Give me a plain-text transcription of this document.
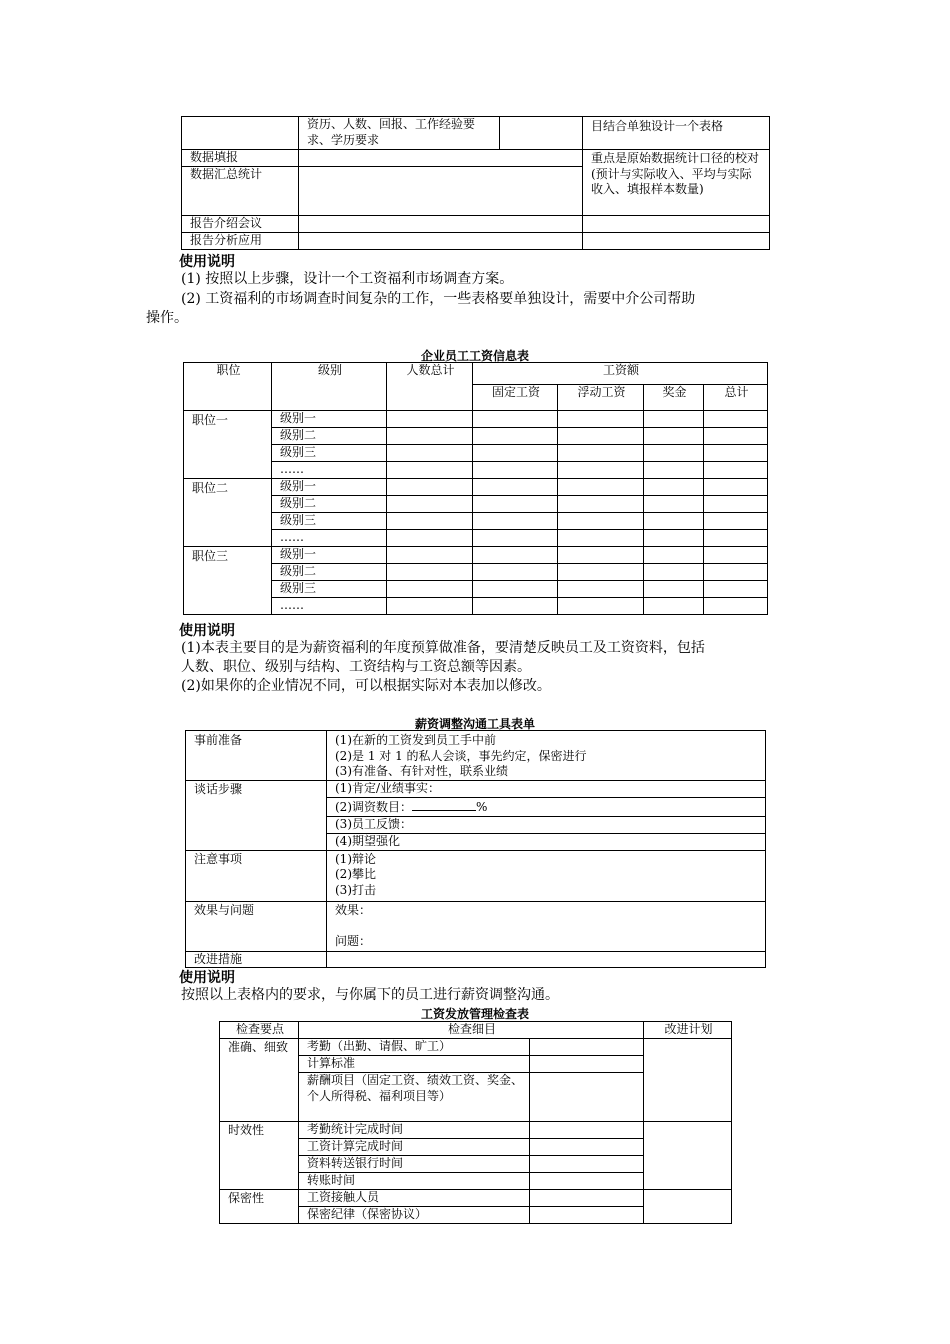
	资历、人数、回报、工作经验要求、学历要求		目结合单独设计一个表格
数据填报			重点是原始数据统计口径的校对(预计与实际收入、平均与实际收入、填报样本数量)
数据汇总统计			
报告介绍会议			
报告分析应用			
使用说明
(1) 按照以上步骤，设计一个工资福利市场调查方案。
(2) 工资福利的市场调查时间复杂的工作，一些表格要单独设计，需要中介公司帮助
操作。
企业员工工资信息表
职位	级别	人数总计	工资额			
			固定工资	浮动工资	奖金	总计
职位一	级别一					
	级别二					
	级别三					
	……					
职位二	级别一					
	级别二					
	级别三					
	……					
职位三	级别一					
	级别二					
	级别三					
	……					
使用说明
(1)本表主要目的是为薪资福利的年度预算做准备，要清楚反映员工及工资资料，包括
人数、职位、级别与结构、工资结构与工资总额等因素。
(2)如果你的企业情况不同，可以根据实际对本表加以修改。
薪资调整沟通工具表单
事前准备	(1)在新的工资发到员工手中前
(2)是 1 对 1 的私人会谈，事先约定，保密进行
(3)有准备、有针对性，联系业绩

谈话步骤	(1)肯定/业绩事实：
	(2)调资数目： %
	(3)员工反馈：
	(4)期望强化
注意事项	(1)辩论
(2)攀比
(3)打击

效果与问题	效果：

问题：

改进措施	
使用说明
按照以上表格内的要求，与你属下的员工进行薪资调整沟通。
工资发放管理检查表
检查要点	检查细目		改进计划
准确、细致	考勤（出勤、请假、旷工）		
	计算标准		
	薪酬项目（固定工资、绩效工资、奖金、个人所得税、福利项目等）		
时效性	考勤统计完成时间		
	工资计算完成时间		
	资料转送银行时间		
	转账时间		
保密性	工资接触人员		
	保密纪律（保密协议）		
